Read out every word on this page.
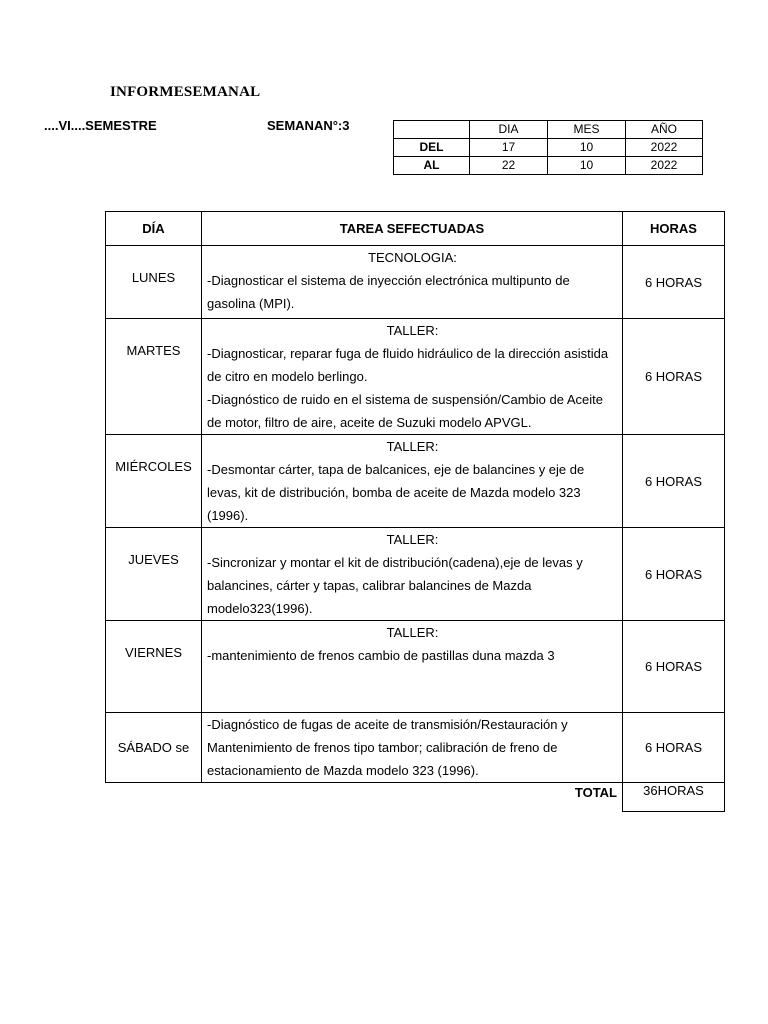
INFORMESEMANAL
....VI....SEMESTRE	SEMANAN°:3
		DIA	MES	AÑO
DEL	17	10	2022
AL	22	10	2022
DÍA	TAREA SEFECTUADAS	HORAS
LUNES	TECNOLOGIA:
-Diagnosticar el sistema de inyección electrónica multipunto de gasolina (MPI).	6 HORAS
MARTES	TALLER:
-Diagnosticar, reparar fuga de fluido hidráulico de la dirección asistida de citro en modelo berlingo.
-Diagnóstico de ruido en el sistema de suspensión/Cambio de Aceite de motor, filtro de aire, aceite de Suzuki modelo APVGL.	6 HORAS
MIÉRCOLES	TALLER:
-Desmontar cárter, tapa de balcanices, eje de balancines y eje de levas, kit de distribución, bomba de aceite de Mazda modelo 323 (1996).	6 HORAS
JUEVES	TALLER:
-Sincronizar y montar el kit de distribución(cadena),eje de levas y balancines, cárter y tapas, calibrar balancines de Mazda modelo323(1996).	6 HORAS
VIERNES	TALLER:
-mantenimiento de frenos cambio de pastillas duna mazda 3	6 HORAS
SÁBADO se	-Diagnóstico de fugas de aceite de transmisión/Restauración y Mantenimiento de frenos tipo tambor; calibración de freno de estacionamiento de Mazda modelo 323 (1996).	6 HORAS
	TOTAL	36HORAS
